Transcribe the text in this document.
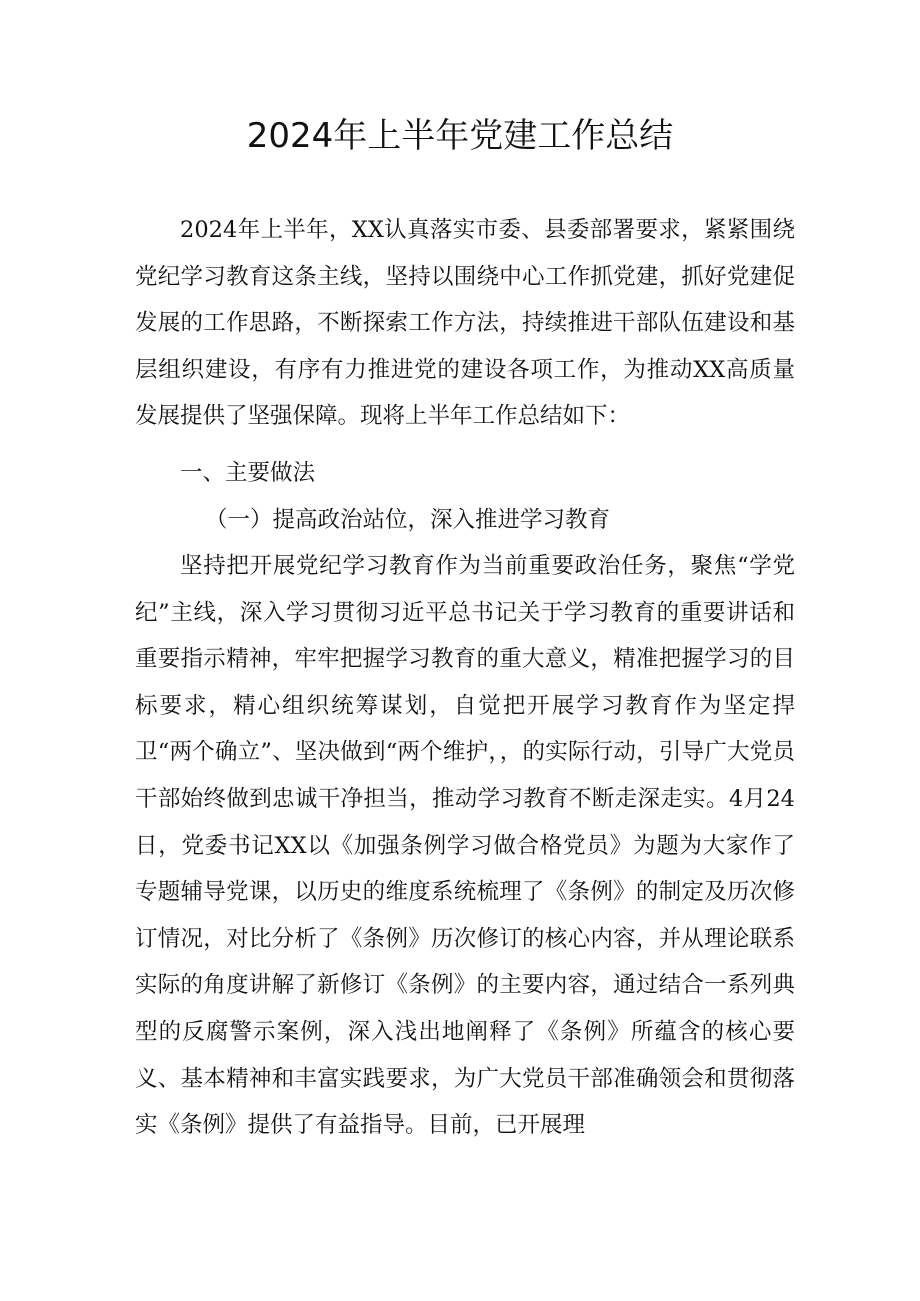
2024年上半年党建工作总结

2024年上半年，XX认真落实市委、县委部署要求，紧紧围绕党纪学习教育这条主线，坚持以围绕中心工作抓党建，抓好党建促发展的工作思路，不断探索工作方法，持续推进干部队伍建设和基层组织建设，有序有力推进党的建设各项工作，为推动XX高质量发展提供了坚强保障。现将上半年工作总结如下：

一、主要做法

（一）提高政治站位，深入推进学习教育

坚持把开展党纪学习教育作为当前重要政治任务，聚焦“学党纪”主线，深入学习贯彻习近平总书记关于学习教育的重要讲话和重要指示精神，牢牢把握学习教育的重大意义，精准把握学习的目标要求，精心组织统筹谋划，自觉把开展学习教育作为坚定捍卫“两个确立”、坚决做到“两个维护，，的实际行动，引导广大党员干部始终做到忠诚干净担当，推动学习教育不断走深走实。4月24日，党委书记XX以《加强条例学习做合格党员》为题为大家作了专题辅导党课，以历史的维度系统梳理了《条例》的制定及历次修订情况，对比分析了《条例》历次修订的核心内容，并从理论联系实际的角度讲解了新修订《条例》的主要内容，通过结合一系列典型的反腐警示案例，深入浅出地阐释了《条例》所蕴含的核心要义、基本精神和丰富实践要求，为广大党员干部准确领会和贯彻落实《条例》提供了有益指导。目前，已开展理
